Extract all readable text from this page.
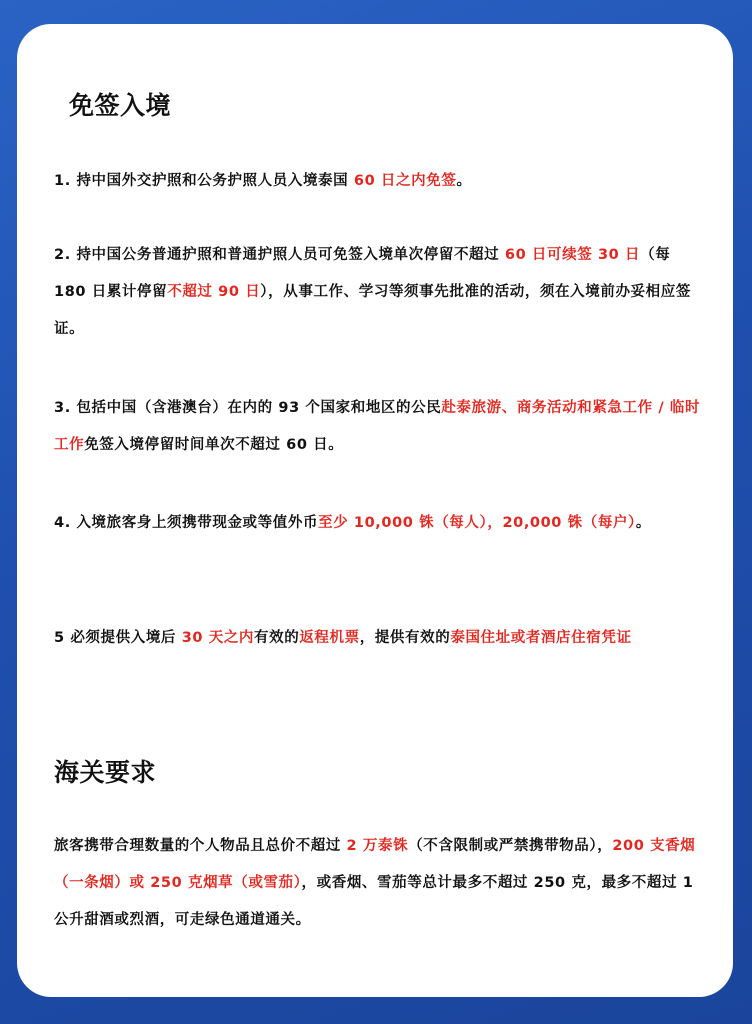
免签入境

1. 持中国外交护照和公务护照人员入境泰国 60 日之内免签。

2. 持中国公务普通护照和普通护照人员可免签入境单次停留不超过 60 日可续签 30 日（每 180 日累计停留不超过 90 日），从事工作、学习等须事先批准的活动，须在入境前办妥相应签证。

3. 包括中国（含港澳台）在内的 93 个国家和地区的公民赴泰旅游、商务活动和紧急工作 / 临时工作免签入境停留时间单次不超过 60 日。

4. 入境旅客身上须携带现金或等值外币至少 10,000 铢（每人），20,000 铢（每户）。

5 必须提供入境后 30 天之内有效的返程机票，提供有效的泰国住址或者酒店住宿凭证

海关要求

旅客携带合理数量的个人物品且总价不超过 2 万泰铢（不含限制或严禁携带物品），200 支香烟（一条烟）或 250 克烟草（或雪茄），或香烟、雪茄等总计最多不超过 250 克，最多不超过 1 公升甜酒或烈酒，可走绿色通道通关。
